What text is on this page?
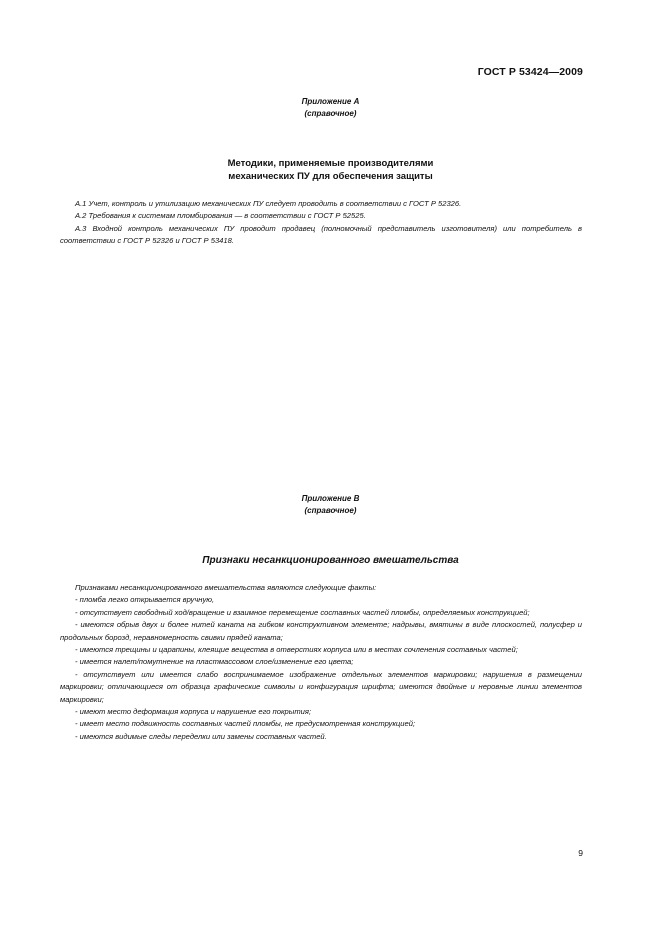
ГОСТ Р 53424—2009
Приложение А
(справочное)
Методики, применяемые производителями
механических ПУ для обеспечения защиты

А.1 Учет, контроль и утилизацию механических ПУ следует проводить в соответствии с ГОСТ Р 52326.

А.2 Требования к системам пломбирования — в соответствии с ГОСТ Р 52525.

А.3 Входной контроль механических ПУ проводит продавец (полномочный представитель изготовителя) или потребитель в соответствии с ГОСТ Р 52326 и ГОСТ Р 53418.

Приложение В
(справочное)
Признаки несанкционированного вмешательства

Признаками несанкционированного вмешательства являются следующие факты:

- пломба легко открывается вручную,

- отсутствует свободный ход/вращение и взаимное перемещение составных частей пломбы, определяемых конструкцией;

- имеются обрыв двух и более нитей каната на гибком конструктивном элементе; надрывы, вмятины в виде плоскостей, полусфер и продольных борозд, неравномерность свивки прядей каната;

- имеются трещины и царапины, клеящие вещества в отверстиях корпуса или в местах сочленения составных частей;

- имеется налет/помутнение на пластмассовом слое/изменение его цвета;

- отсутствует или имеется слабо воспринимаемое изображение отдельных элементов маркировки; нарушения в размещении маркировки; отличающиеся от образца графические символы и конфигурация шрифта; имеются двойные и неровные линии элементов маркировки;

- имеют место деформация корпуса и нарушение его покрытия;

- имеет место подвижность составных частей пломбы, не предусмотренная конструкцией;

- имеются видимые следы переделки или замены составных частей.

9
